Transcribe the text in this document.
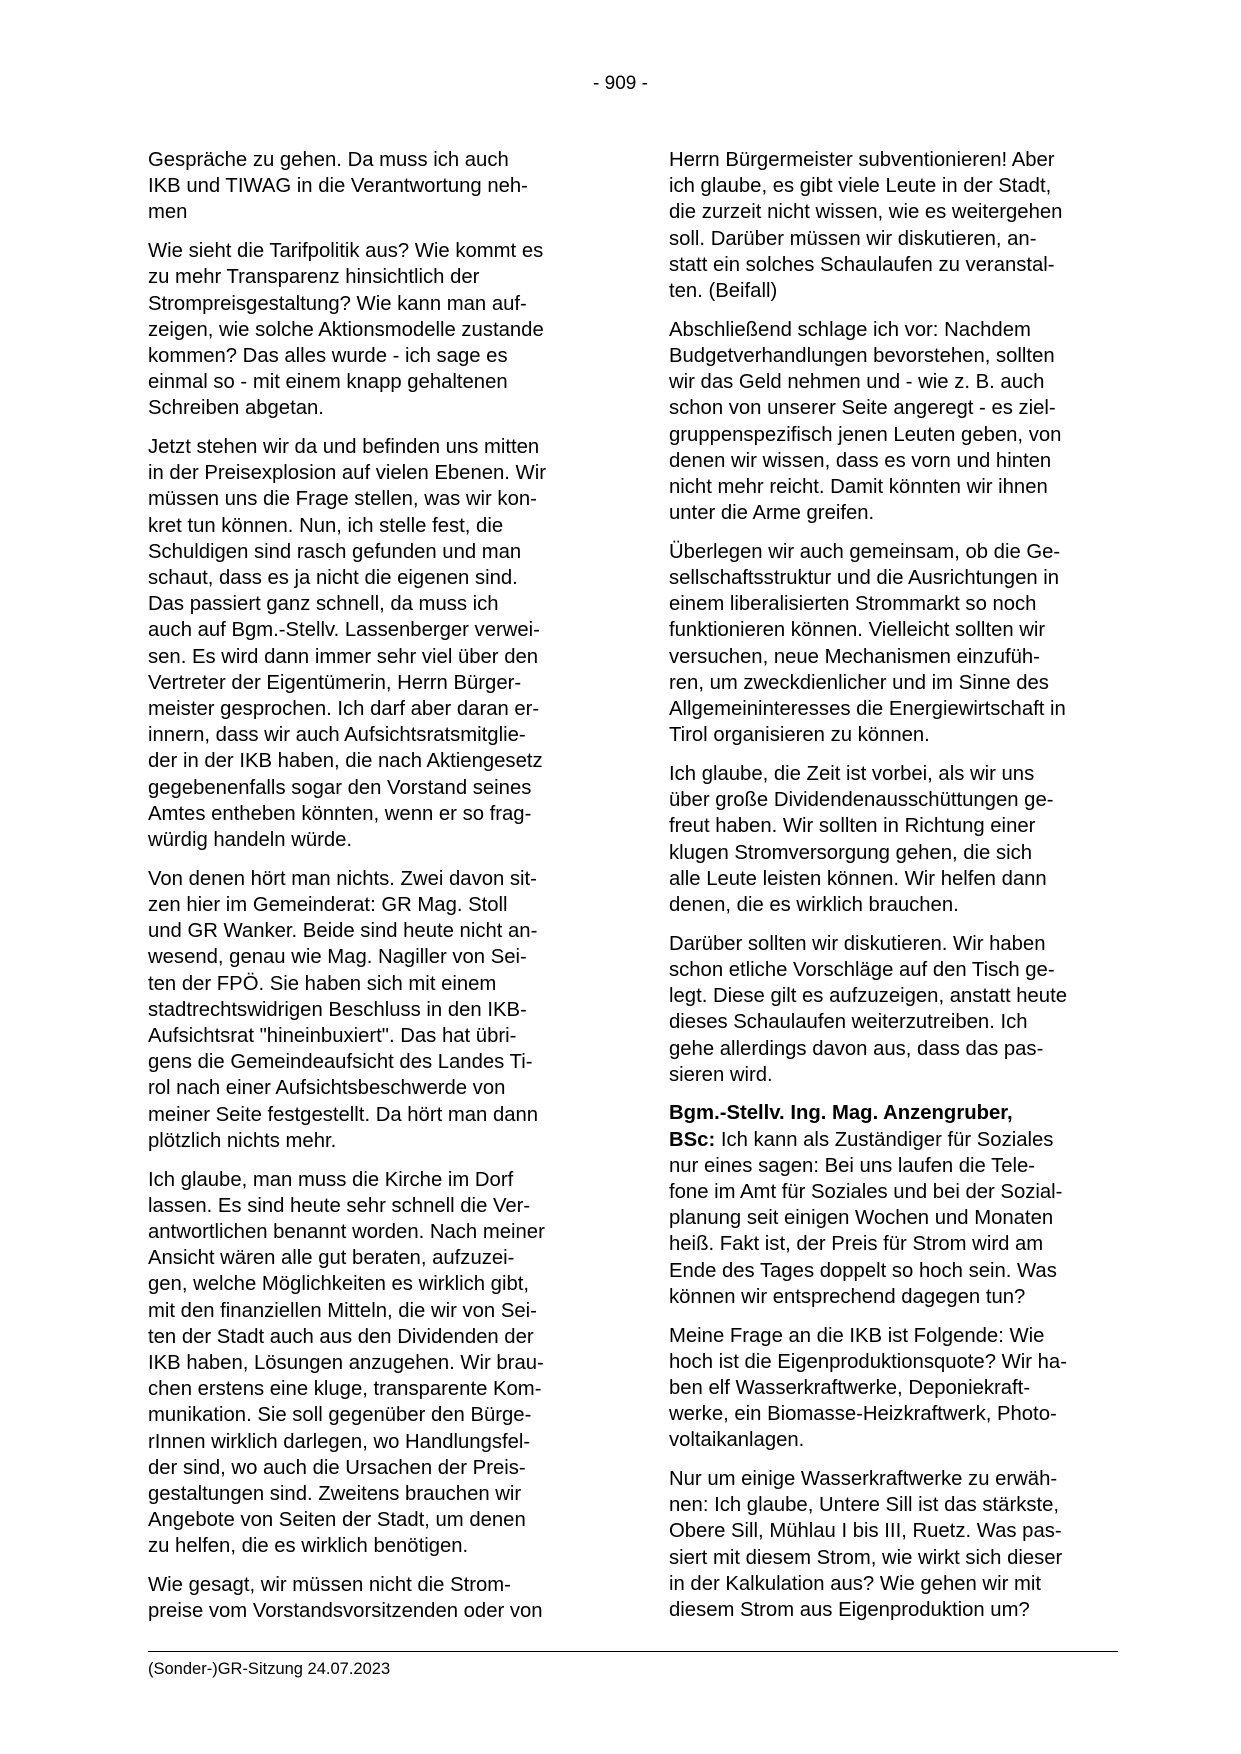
- 909 -

Gespräche zu gehen. Da muss ich auch
IKB und TIWAG in die Verantwortung neh-
men

Wie sieht die Tarifpolitik aus? Wie kommt es
zu mehr Transparenz hinsichtlich der
Strompreisgestaltung? Wie kann man auf-
zeigen, wie solche Aktionsmodelle zustande
kommen? Das alles wurde - ich sage es
einmal so - mit einem knapp gehaltenen
Schreiben abgetan.

Jetzt stehen wir da und befinden uns mitten
in der Preisexplosion auf vielen Ebenen. Wir
müssen uns die Frage stellen, was wir kon-
kret tun können. Nun, ich stelle fest, die
Schuldigen sind rasch gefunden und man
schaut, dass es ja nicht die eigenen sind.
Das passiert ganz schnell, da muss ich
auch auf Bgm.-Stellv. Lassenberger verwei-
sen. Es wird dann immer sehr viel über den
Vertreter der Eigentümerin, Herrn Bürger-
meister gesprochen. Ich darf aber daran er-
innern, dass wir auch Aufsichtsratsmitglie-
der in der IKB haben, die nach Aktiengesetz
gegebenenfalls sogar den Vorstand seines
Amtes entheben könnten, wenn er so frag-
würdig handeln würde.

Von denen hört man nichts. Zwei davon sit-
zen hier im Gemeinderat: GR Mag. Stoll
und GR Wanker. Beide sind heute nicht an-
wesend, genau wie Mag. Nagiller von Sei-
ten der FPÖ. Sie haben sich mit einem
stadtrechtswidrigen Beschluss in den IKB-
Aufsichtsrat "hineinbuxiert". Das hat übri-
gens die Gemeindeaufsicht des Landes Ti-
rol nach einer Aufsichtsbeschwerde von
meiner Seite festgestellt. Da hört man dann
plötzlich nichts mehr.

Ich glaube, man muss die Kirche im Dorf
lassen. Es sind heute sehr schnell die Ver-
antwortlichen benannt worden. Nach meiner
Ansicht wären alle gut beraten, aufzuzei-
gen, welche Möglichkeiten es wirklich gibt,
mit den finanziellen Mitteln, die wir von Sei-
ten der Stadt auch aus den Dividenden der
IKB haben, Lösungen anzugehen. Wir brau-
chen erstens eine kluge, transparente Kom-
munikation. Sie soll gegenüber den Bürge-
rInnen wirklich darlegen, wo Handlungsfel-
der sind, wo auch die Ursachen der Preis-
gestaltungen sind. Zweitens brauchen wir
Angebote von Seiten der Stadt, um denen
zu helfen, die es wirklich benötigen.

Wie gesagt, wir müssen nicht die Strom-
preise vom Vorstandsvorsitzenden oder von

Herrn Bürgermeister subventionieren! Aber
ich glaube, es gibt viele Leute in der Stadt,
die zurzeit nicht wissen, wie es weitergehen
soll. Darüber müssen wir diskutieren, an-
statt ein solches Schaulaufen zu veranstal-
ten. (Beifall)

Abschließend schlage ich vor: Nachdem
Budgetverhandlungen bevorstehen, sollten
wir das Geld nehmen und - wie z. B. auch
schon von unserer Seite angeregt - es ziel-
gruppenspezifisch jenen Leuten geben, von
denen wir wissen, dass es vorn und hinten
nicht mehr reicht. Damit könnten wir ihnen
unter die Arme greifen.

Überlegen wir auch gemeinsam, ob die Ge-
sellschaftsstruktur und die Ausrichtungen in
einem liberalisierten Strommarkt so noch
funktionieren können. Vielleicht sollten wir
versuchen, neue Mechanismen einzufüh-
ren, um zweckdienlicher und im Sinne des
Allgemeininteresses die Energiewirtschaft in
Tirol organisieren zu können.

Ich glaube, die Zeit ist vorbei, als wir uns
über große Dividendenausschüttungen ge-
freut haben. Wir sollten in Richtung einer
klugen Stromversorgung gehen, die sich
alle Leute leisten können. Wir helfen dann
denen, die es wirklich brauchen.

Darüber sollten wir diskutieren. Wir haben
schon etliche Vorschläge auf den Tisch ge-
legt. Diese gilt es aufzuzeigen, anstatt heute
dieses Schaulaufen weiterzutreiben. Ich
gehe allerdings davon aus, dass das pas-
sieren wird.

Bgm.-Stellv. Ing. Mag. Anzengruber,
BSc: Ich kann als Zuständiger für Soziales
nur eines sagen: Bei uns laufen die Tele-
fone im Amt für Soziales und bei der Sozial-
planung seit einigen Wochen und Monaten
heiß. Fakt ist, der Preis für Strom wird am
Ende des Tages doppelt so hoch sein. Was
können wir entsprechend dagegen tun?

Meine Frage an die IKB ist Folgende: Wie
hoch ist die Eigenproduktionsquote? Wir ha-
ben elf Wasserkraftwerke, Deponiekraft-
werke, ein Biomasse-Heizkraftwerk, Photo-
voltaikanlagen.

Nur um einige Wasserkraftwerke zu erwäh-
nen: Ich glaube, Untere Sill ist das stärkste,
Obere Sill, Mühlau I bis III, Ruetz. Was pas-
siert mit diesem Strom, wie wirkt sich dieser
in der Kalkulation aus? Wie gehen wir mit
diesem Strom aus Eigenproduktion um?

(Sonder-)GR-Sitzung 24.07.2023
